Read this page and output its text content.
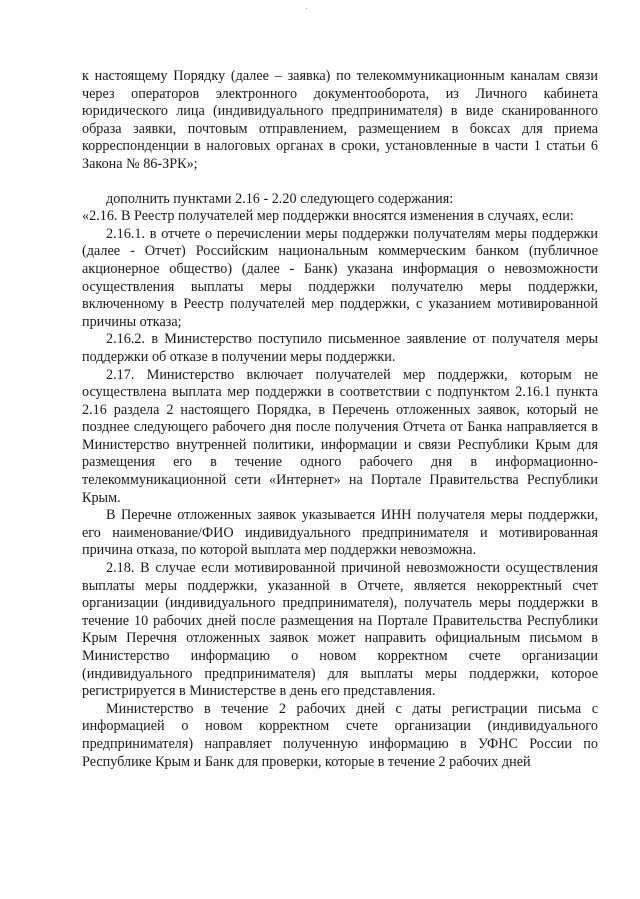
к настоящему Порядку (далее – заявка) по телекоммуникационным каналам связи через операторов электронного документооборота, из Личного кабинета юридического лица (индивидуального предпринимателя) в виде сканированного образа заявки, почтовым отправлением, размещением в боксах для приема корреспонденции в налоговых органах в сроки, установленные в части 1 статьи 6 Закона № 86-ЗРК»;

дополнить пунктами 2.16 - 2.20 следующего содержания:

«2.16. В Реестр получателей мер поддержки вносятся изменения в случаях, если:

2.16.1. в отчете о перечислении меры поддержки получателям меры поддержки (далее - Отчет) Российским национальным коммерческим банком (публичное акционерное общество) (далее - Банк) указана информация о невозможности осуществления выплаты меры поддержки получателю меры поддержки, включенному в Реестр получателей мер поддержки, с указанием мотивированной причины отказа;

2.16.2. в Министерство поступило письменное заявление от получателя меры поддержки об отказе в получении меры поддержки.

2.17. Министерство включает получателей мер поддержки, которым не осуществлена выплата мер поддержки в соответствии с подпунктом 2.16.1 пункта 2.16 раздела 2 настоящего Порядка, в Перечень отложенных заявок, который не позднее следующего рабочего дня после получения Отчета от Банка направляется в Министерство внутренней политики, информации и связи Республики Крым для размещения его в течение одного рабочего дня в информационно-телекоммуникационной сети «Интернет» на Портале Правительства Республики Крым.

В Перечне отложенных заявок указывается ИНН получателя меры поддержки, его наименование/ФИО индивидуального предпринимателя и мотивированная причина отказа, по которой выплата мер поддержки невозможна.

2.18. В случае если мотивированной причиной невозможности осуществления выплаты меры поддержки, указанной в Отчете, является некорректный счет организации (индивидуального предпринимателя), получатель меры поддержки в течение 10 рабочих дней после размещения на Портале Правительства Республики Крым Перечня отложенных заявок может направить официальным письмом в Министерство информацию о новом корректном счете организации (индивидуального предпринимателя) для выплаты меры поддержки, которое регистрируется в Министерстве в день его представления.

Министерство в течение 2 рабочих дней с даты регистрации письма с информацией о новом корректном счете организации (индивидуального предпринимателя) направляет полученную информацию в УФНС России по Республике Крым и Банк для проверки, которые в течение 2 рабочих дней
